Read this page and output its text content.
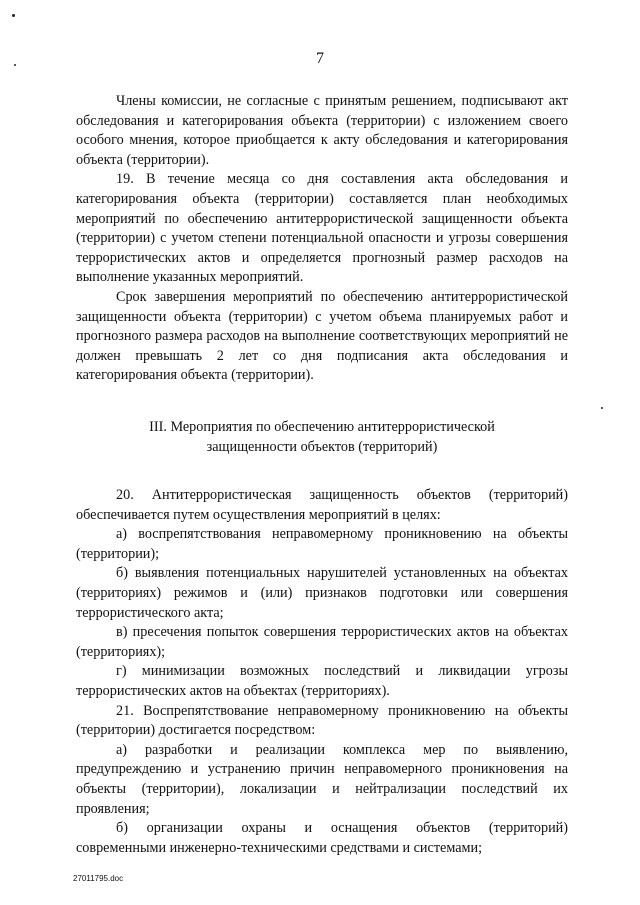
7

Члены комиссии, не согласные с принятым решением, подписывают акт обследования и категорирования объекта (территории) с изложением своего особого мнения, которое приобщается к акту обследования и категорирования объекта (территории).

19. В течение месяца со дня составления акта обследования и категорирования объекта (территории) составляется план необходимых мероприятий по обеспечению антитеррористической защищенности объекта (территории) с учетом степени потенциальной опасности и угрозы совершения террористических актов и определяется прогнозный размер расходов на выполнение указанных мероприятий.

Срок завершения мероприятий по обеспечению антитеррористической защищенности объекта (территории) с учетом объема планируемых работ и прогнозного размера расходов на выполнение соответствующих мероприятий не должен превышать 2 лет со дня подписания акта обследования и категорирования объекта (территории).

III. Мероприятия по обеспечению антитеррористической
защищенности объектов (территорий)

20. Антитеррористическая защищенность объектов (территорий) обеспечивается путем осуществления мероприятий в целях:

а) воспрепятствования неправомерному проникновению на объекты (территории);

б) выявления потенциальных нарушителей установленных на объектах (территориях) режимов и (или) признаков подготовки или совершения террористического акта;

в) пресечения попыток совершения террористических актов на объектах (территориях);

г) минимизации возможных последствий и ликвидации угрозы террористических актов на объектах (территориях).

21. Воспрепятствование неправомерному проникновению на объекты (территории) достигается посредством:

а) разработки и реализации комплекса мер по выявлению, предупреждению и устранению причин неправомерного проникновения на объекты (территории), локализации и нейтрализации последствий их проявления;

б) организации охраны и оснащения объектов (территорий) современными инженерно-техническими средствами и системами;

27011795.doc
